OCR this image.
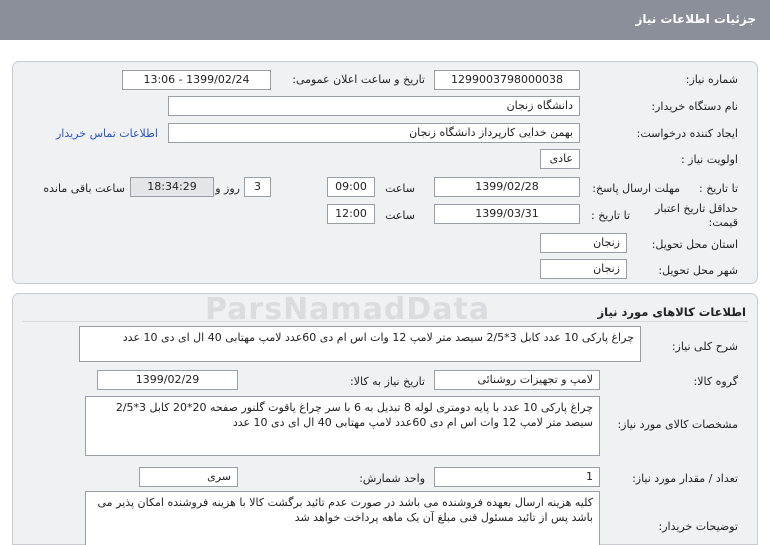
جزئیات اطلاعات نیاز
شماره نیاز:
1299003798000038
تاریخ و ساعت اعلان عمومی:
1399/02/24 - 13:06
نام دستگاه خریدار:
دانشگاه زنجان
ایجاد کننده درخواست:
بهمن خدایی کارپرداز دانشگاه زنجان
اطلاعات تماس خریدار
اولویت نیاز :
عادی
مهلت ارسال پاسخ: تا تاریخ :
1399/02/28
ساعت
09:00
3
روز و
18:34:29
ساعت باقی مانده
حداقل تاریخ اعتبار قیمت:
تا تاریخ :
1399/03/31
ساعت
12:00
استان محل تحویل:
زنجان
شهر محل تحویل:
زنجان
اطلاعات کالاهای مورد نیاز
شرح کلی نیاز:
چراغ پارکی 10 عدد کابل 3*2/5 سیصد متر لامپ 12 وات اس ام دی 60عدد لامپ مهتابی 40 ال ای دی 10 عدد
گروه کالا:
لامپ و تجهیزات روشنائی
تاریخ نیاز به کالا:
1399/02/29
مشخصات کالای مورد نیاز:
چراغ پارکی 10 عدد با پایه دومتری لوله 8 تبدیل به 6 با سر چراغ یاقوت گلنور صفحه 20*20 کابل 3*2/5 سیصد متر لامپ 12 وات اس ام دی 60عدد لامپ مهتابی 40 ال ای دی 10 عدد
تعداد / مقدار مورد نیاز:
1
واحد شمارش:
سری
توضیحات خریدار:
کلیه هزینه ارسال بعهده فروشنده می باشد در صورت عدم تائید برگشت کالا با هزینه فروشنده امکان پذیر می باشد پس از تائید مسئول فنی مبلغ آن یک ماهه پرداخت خواهد شد
ParsNamadData
